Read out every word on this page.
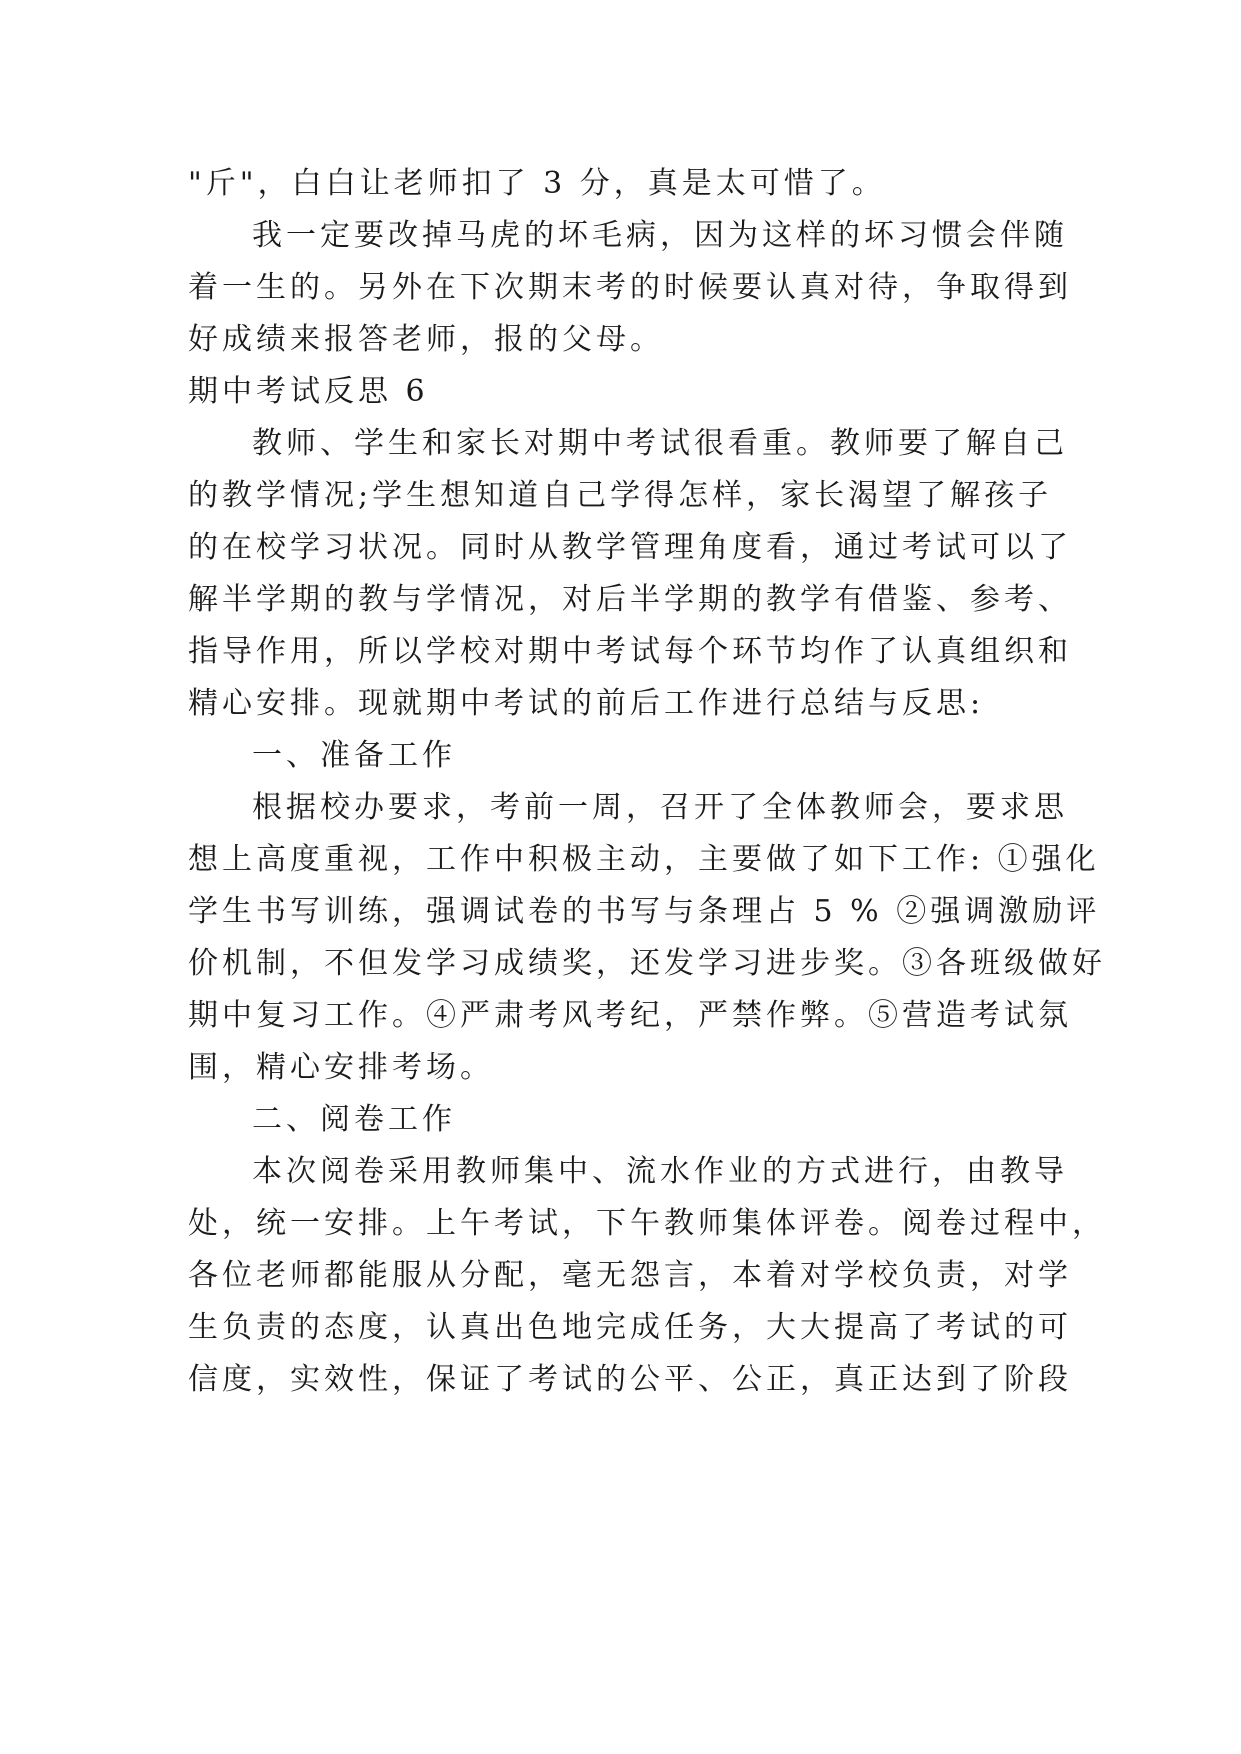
"斤"，白白让老师扣了 3 分，真是太可惜了。
我一定要改掉马虎的坏毛病，因为这样的坏习惯会伴随
着一生的。另外在下次期末考的时候要认真对待，争取得到
好成绩来报答老师，报的父母。
期中考试反思 6
教师、学生和家长对期中考试很看重。教师要了解自己
的教学情况;学生想知道自己学得怎样，家长渴望了解孩子
的在校学习状况。同时从教学管理角度看，通过考试可以了
解半学期的教与学情况，对后半学期的教学有借鉴、参考、
指导作用，所以学校对期中考试每个环节均作了认真组织和
精心安排。现就期中考试的前后工作进行总结与反思:
一、准备工作
根据校办要求，考前一周，召开了全体教师会，要求思
想上高度重视，工作中积极主动，主要做了如下工作: ①强化
学生书写训练，强调试卷的书写与条理占 5 % ②强调激励评
价机制，不但发学习成绩奖，还发学习进步奖。③各班级做好
期中复习工作。④严肃考风考纪，严禁作弊。⑤营造考试氛
围，精心安排考场。
二、阅卷工作
本次阅卷采用教师集中、流水作业的方式进行，由教导
处，统一安排。上午考试，下午教师集体评卷。阅卷过程中，
各位老师都能服从分配，毫无怨言，本着对学校负责，对学
生负责的态度，认真出色地完成任务，大大提高了考试的可
信度，实效性，保证了考试的公平、公正，真正达到了阶段
